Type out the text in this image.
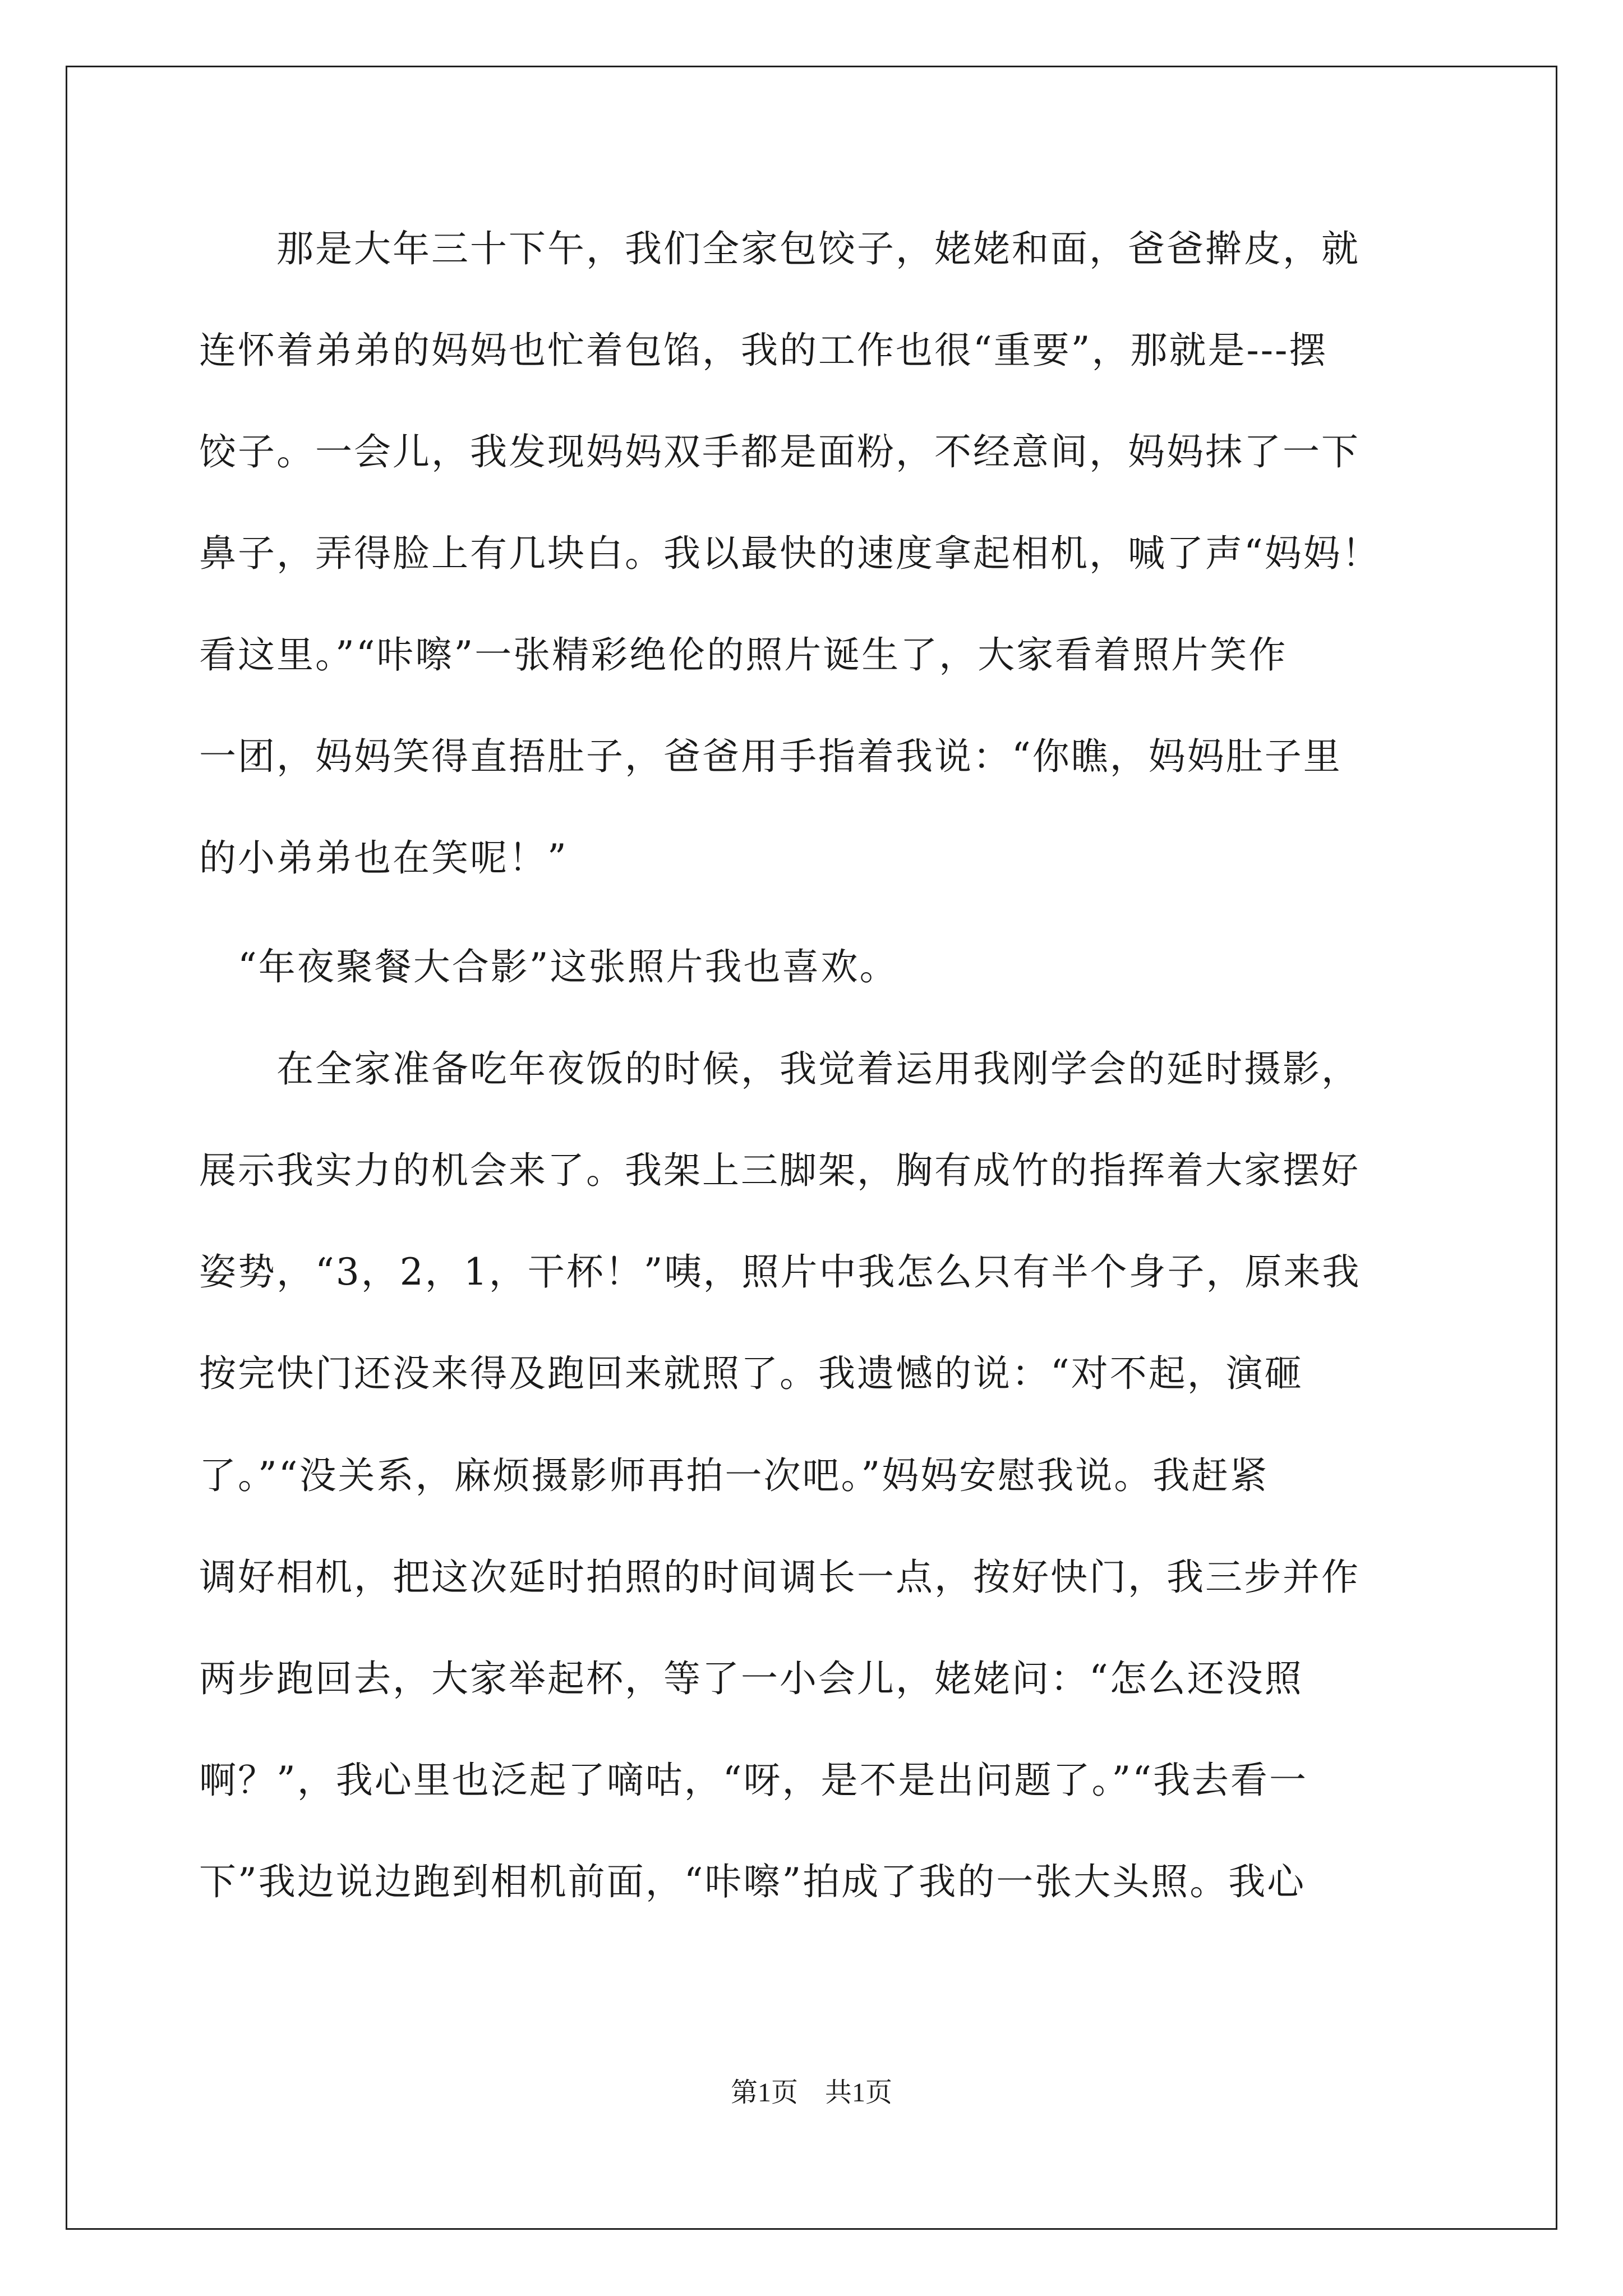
　　那是大年三十下午，我们全家包饺子，姥姥和面，爸爸擀皮，就
连怀着弟弟的妈妈也忙着包馅，我的工作也很“重要”，那就是---摆
饺子。一会儿，我发现妈妈双手都是面粉，不经意间，妈妈抹了一下
鼻子，弄得脸上有几块白。我以最快的速度拿起相机，喊了声“妈妈！
看这里。”“咔嚓”一张精彩绝伦的照片诞生了，大家看着照片笑作
一团，妈妈笑得直捂肚子，爸爸用手指着我说：“你瞧，妈妈肚子里
的小弟弟也在笑呢！”
　“年夜聚餐大合影”这张照片我也喜欢。
　　在全家准备吃年夜饭的时候，我觉着运用我刚学会的延时摄影，
展示我实力的机会来了。我架上三脚架，胸有成竹的指挥着大家摆好
姿势，“3，2，1，干杯！”咦，照片中我怎么只有半个身子，原来我
按完快门还没来得及跑回来就照了。我遗憾的说：“对不起，演砸
了。”“没关系，麻烦摄影师再拍一次吧。”妈妈安慰我说。我赶紧
调好相机，把这次延时拍照的时间调长一点，按好快门，我三步并作
两步跑回去，大家举起杯，等了一小会儿，姥姥问：“怎么还没照
啊？”，我心里也泛起了嘀咕，“呀，是不是出问题了。”“我去看一
下”我边说边跑到相机前面，“咔嚓”拍成了我的一张大头照。我心
第1页　共1页
